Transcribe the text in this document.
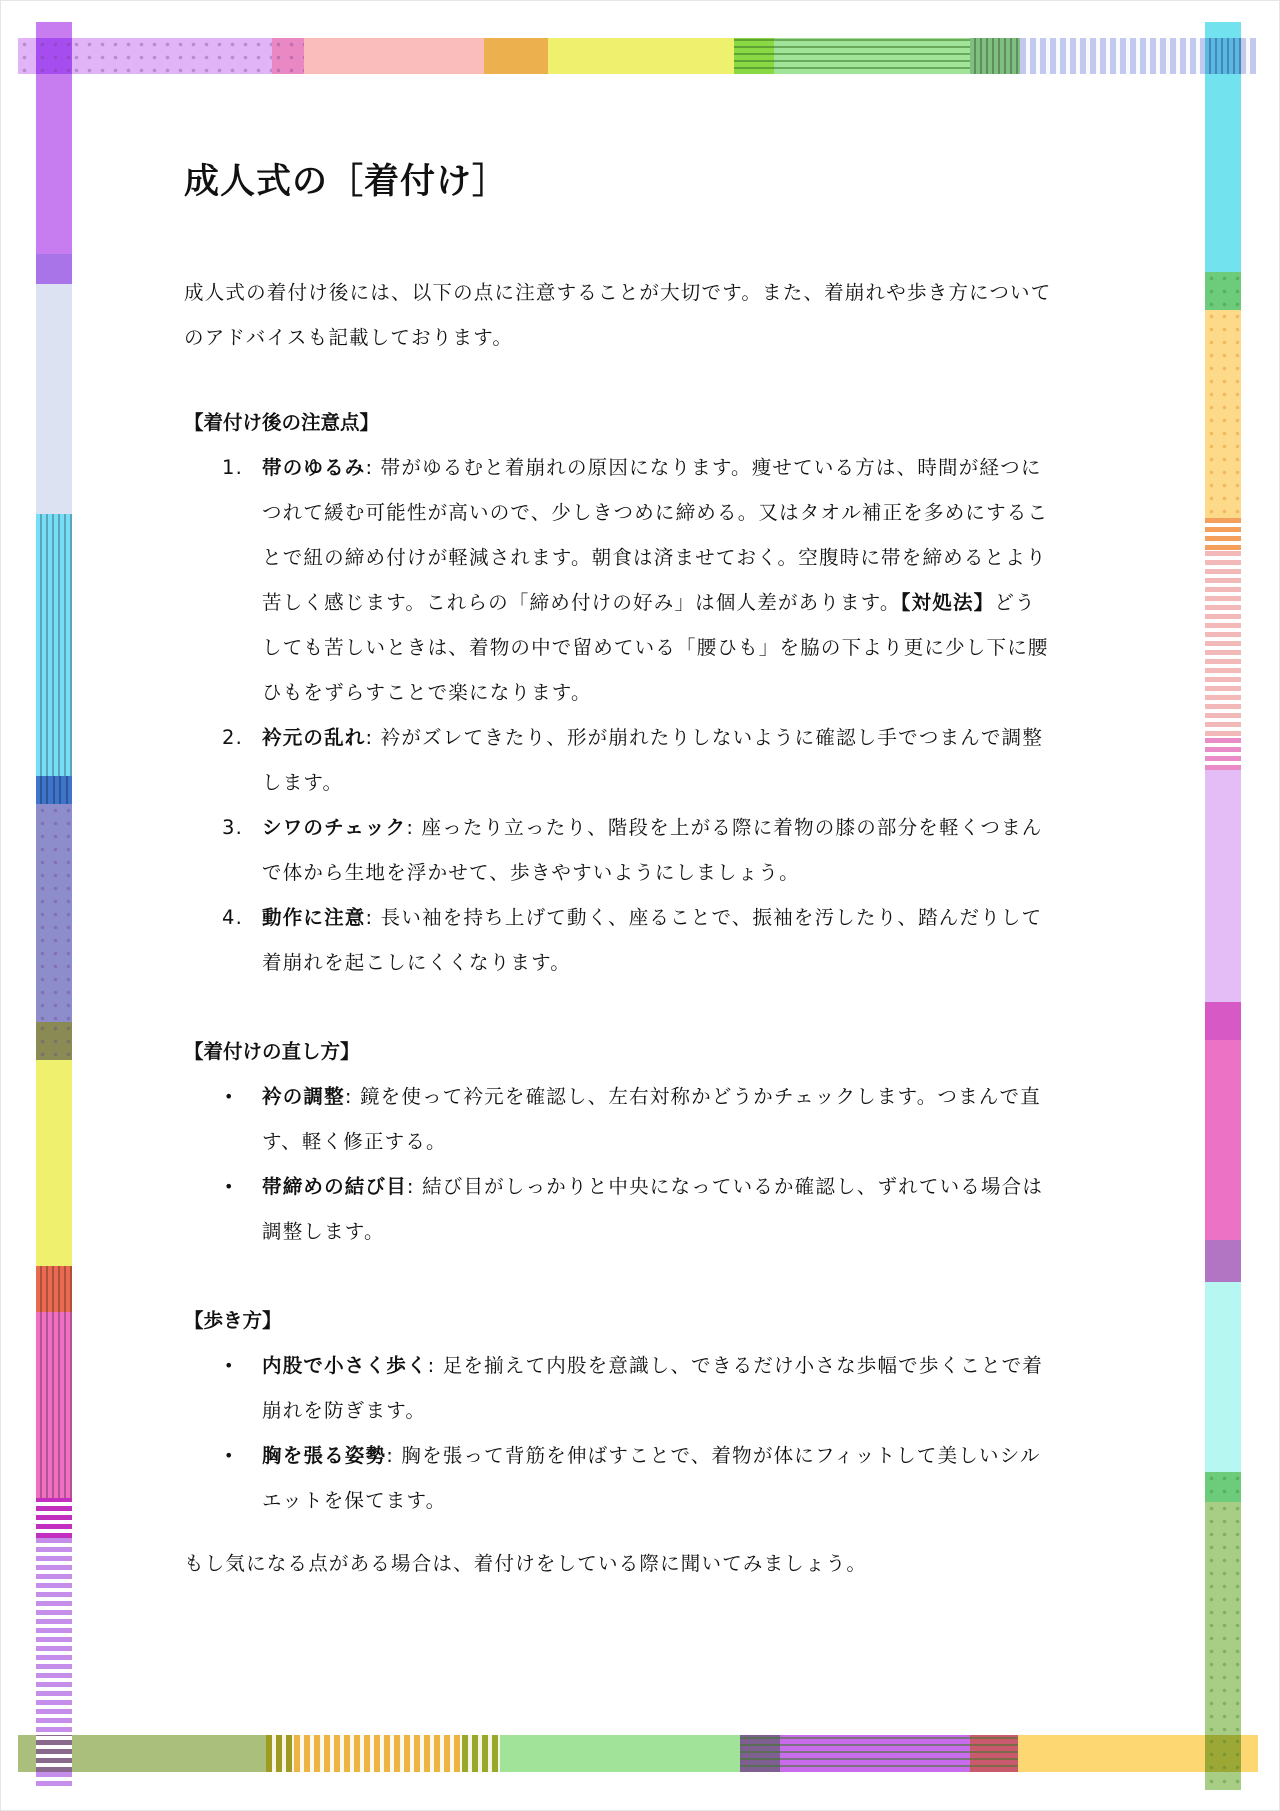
成人式の［着付け］

成人式の着付け後には、以下の点に注意することが大切です。また、着崩れや歩き方についてのアドバイスも記載しております。

【着付け後の注意点】
1. 帯のゆるみ: 帯がゆるむと着崩れの原因になります。痩せている方は、時間が経つにつれて緩む可能性が高いので、少しきつめに締める。又はタオル補正を多めにすることで紐の締め付けが軽減されます。朝食は済ませておく。空腹時に帯を締めるとより苦しく感じます。これらの「締め付けの好み」は個人差があります。【対処法】どうしても苦しいときは、着物の中で留めている「腰ひも」を脇の下より更に少し下に腰ひもをずらすことで楽になります。
2. 衿元の乱れ: 衿がズレてきたり、形が崩れたりしないように確認し手でつまんで調整します。
3. シワのチェック: 座ったり立ったり、階段を上がる際に着物の膝の部分を軽くつまんで体から生地を浮かせて、歩きやすいようにしましょう。
4. 動作に注意: 長い袖を持ち上げて動く、座ることで、振袖を汚したり、踏んだりして着崩れを起こしにくくなります。
【着付けの直し方】
• 衿の調整: 鏡を使って衿元を確認し、左右対称かどうかチェックします。つまんで直す、軽く修正する。
• 帯締めの結び目: 結び目がしっかりと中央になっているか確認し、ずれている場合は調整します。
【歩き方】
• 内股で小さく歩く: 足を揃えて内股を意識し、できるだけ小さな歩幅で歩くことで着崩れを防ぎます。
• 胸を張る姿勢: 胸を張って背筋を伸ばすことで、着物が体にフィットして美しいシルエットを保てます。

もし気になる点がある場合は、着付けをしている際に聞いてみましょう。
